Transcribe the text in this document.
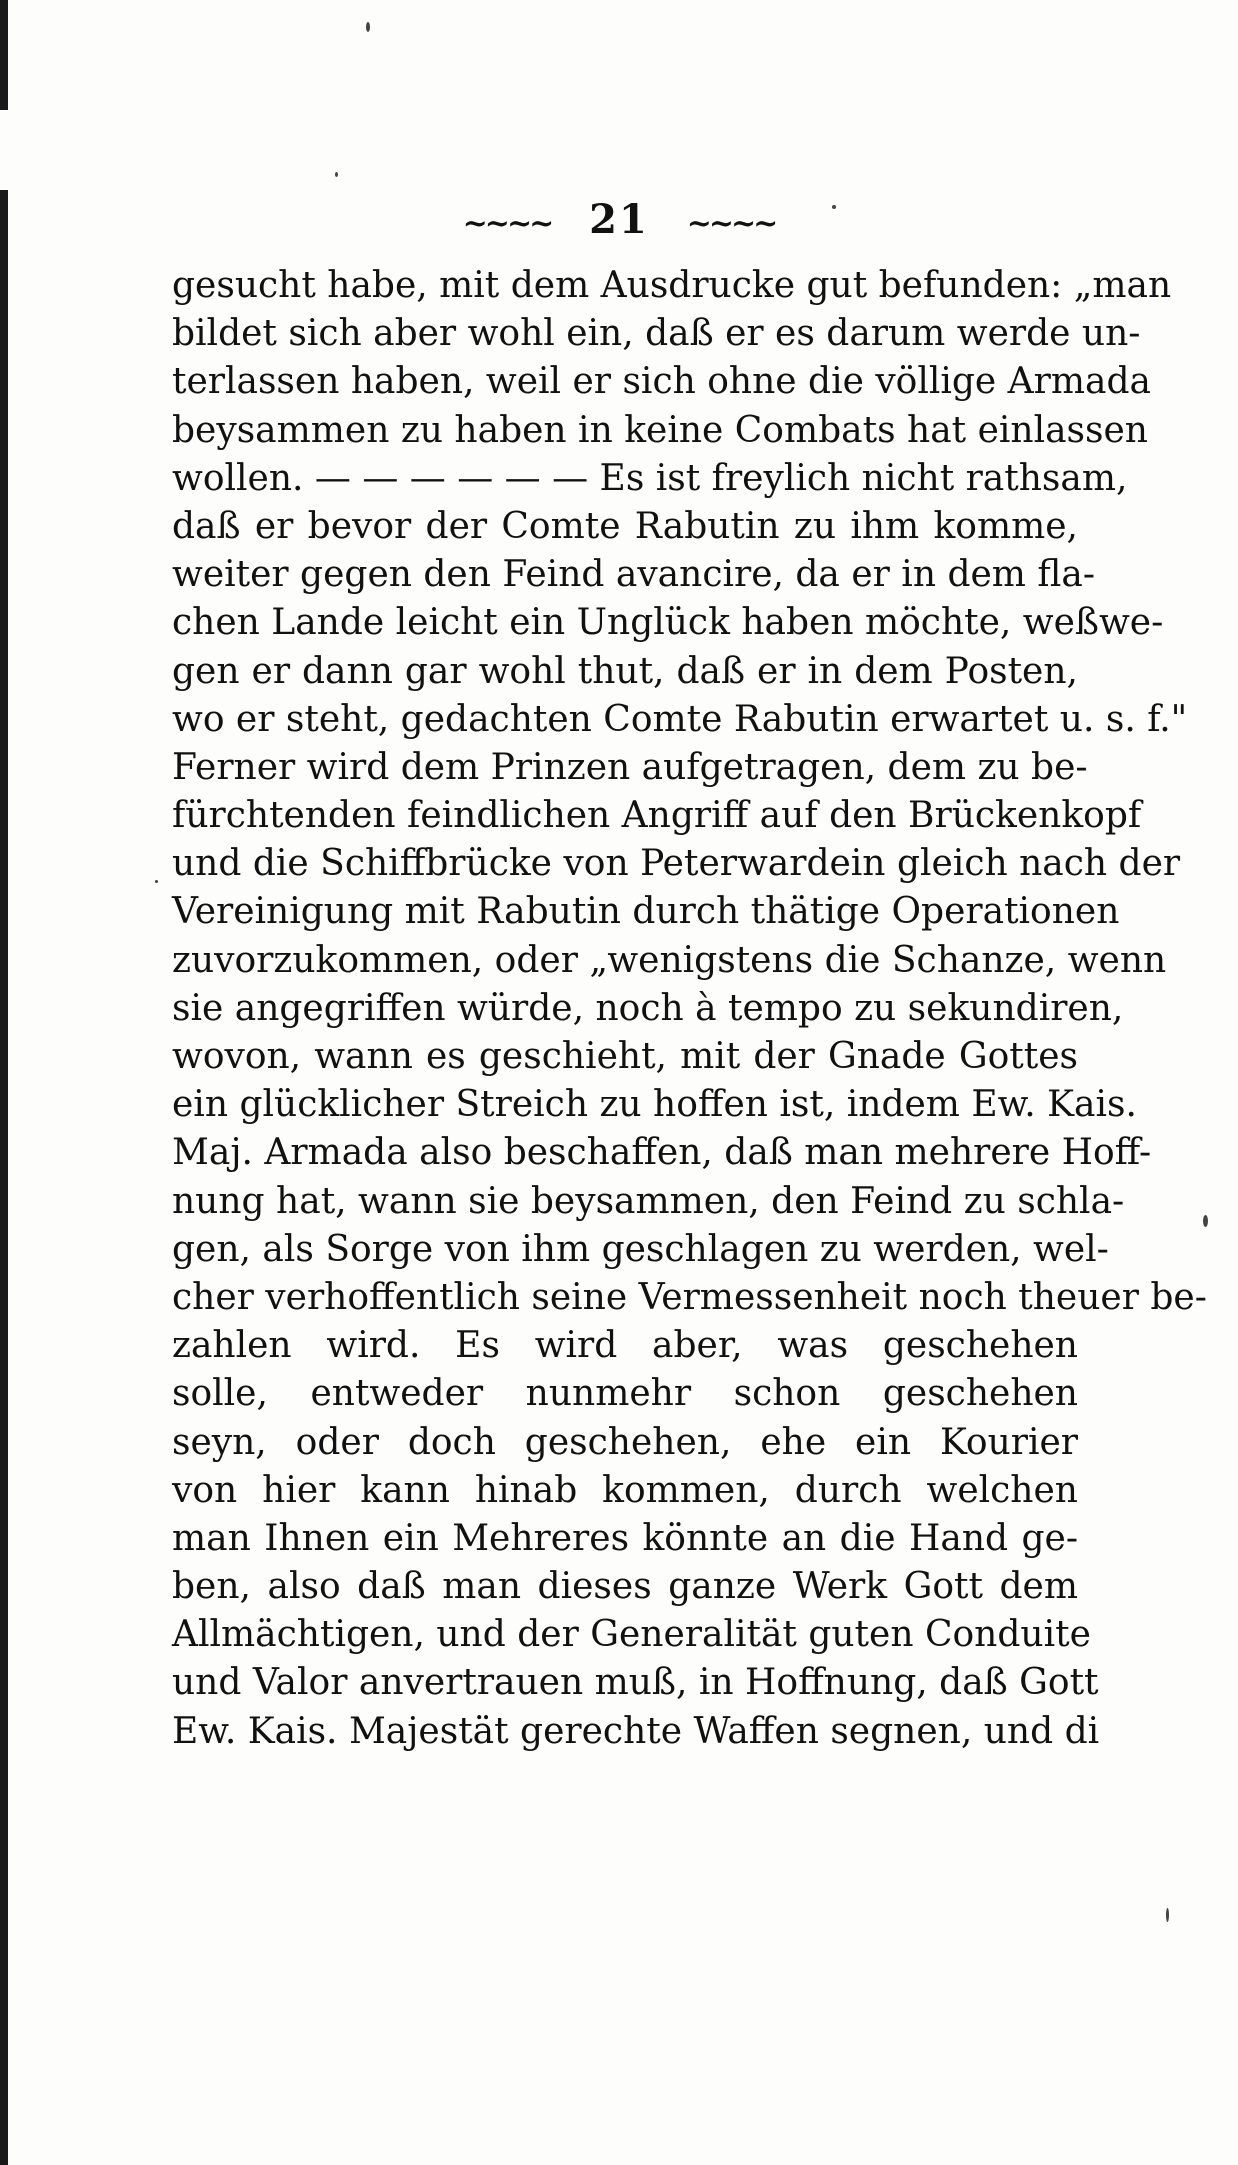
~~~~ 21 ~~~~
gesucht habe, mit dem Ausdrucke gut befunden: „man
bildet sich aber wohl ein, daß er es darum werde un-
terlassen haben, weil er sich ohne die völlige Armada
beysammen zu haben in keine Combats hat einlassen
wollen. — — — — — — Es ist freylich nicht rathsam,
daß er bevor der Comte Rabutin zu ihm komme,
weiter gegen den Feind avancire, da er in dem fla-
chen Lande leicht ein Unglück haben möchte, weßwe-
gen er dann gar wohl thut, daß er in dem Posten,
wo er steht, gedachten Comte Rabutin erwartet u. s. f."
Ferner wird dem Prinzen aufgetragen, dem zu be-
fürchtenden feindlichen Angriff auf den Brückenkopf
und die Schiffbrücke von Peterwardein gleich nach der
Vereinigung mit Rabutin durch thätige Operationen
zuvorzukommen, oder „wenigstens die Schanze, wenn
sie angegriffen würde, noch à tempo zu sekundiren,
wovon, wann es geschieht, mit der Gnade Gottes
ein glücklicher Streich zu hoffen ist, indem Ew. Kais.
Maj. Armada also beschaffen, daß man mehrere Hoff-
nung hat, wann sie beysammen, den Feind zu schla-
gen, als Sorge von ihm geschlagen zu werden, wel-
cher verhoffentlich seine Vermessenheit noch theuer be-
zahlen wird. Es wird aber, was geschehen
solle, entweder nunmehr schon geschehen
seyn, oder doch geschehen, ehe ein Kourier
von hier kann hinab kommen, durch welchen
man Ihnen ein Mehreres könnte an die Hand ge-
ben, also daß man dieses ganze Werk Gott dem
Allmächtigen, und der Generalität guten Conduite
und Valor anvertrauen muß, in Hoffnung, daß Gott
Ew. Kais. Majestät gerechte Waffen segnen, und di
